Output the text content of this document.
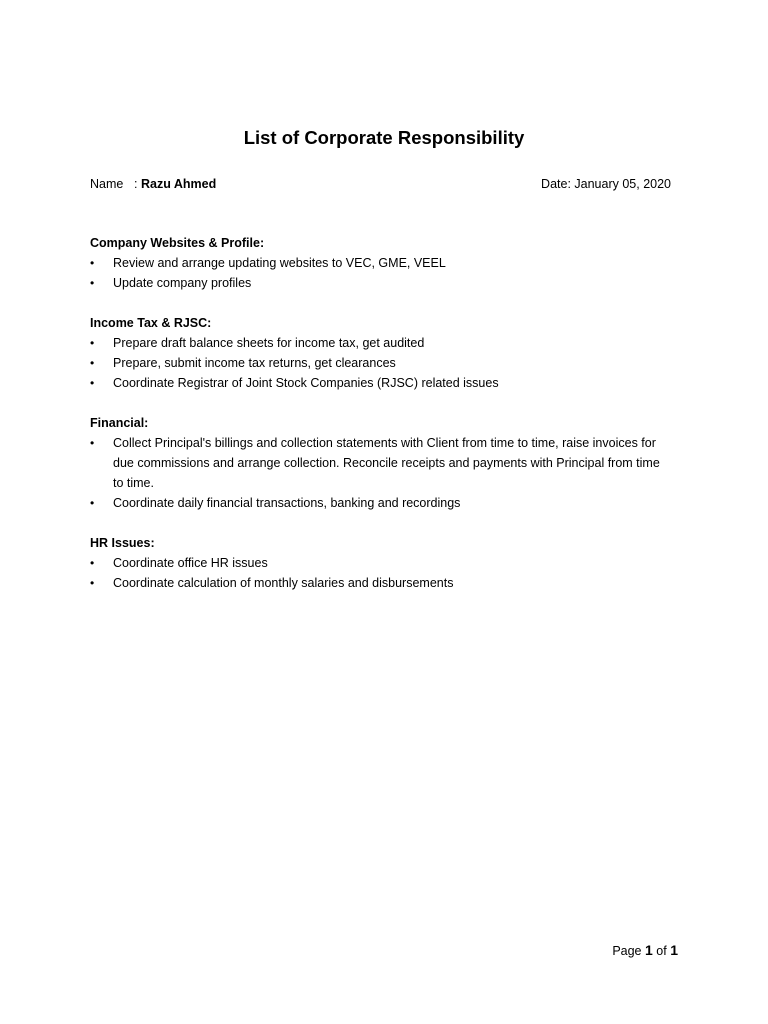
List of Corporate Responsibility
Name : Razu Ahmed	Date: January 05, 2020

Company Websites & Profile:

•	Review and arrange updating websites to VEC, GME, VEEL
•	Update company profiles

Income Tax & RJSC:

•	Prepare draft balance sheets for income tax, get audited
•	Prepare, submit income tax returns, get clearances
•	Coordinate Registrar of Joint Stock Companies (RJSC) related issues

Financial:

•	Collect Principal's billings and collection statements with Client from time to time, raise invoices for due commissions and arrange collection. Reconcile receipts and payments with Principal from time to time.
•	Coordinate daily financial transactions, banking and recordings

HR Issues:

•	Coordinate office HR issues
•	Coordinate calculation of monthly salaries and disbursements
Page 1 of 1
